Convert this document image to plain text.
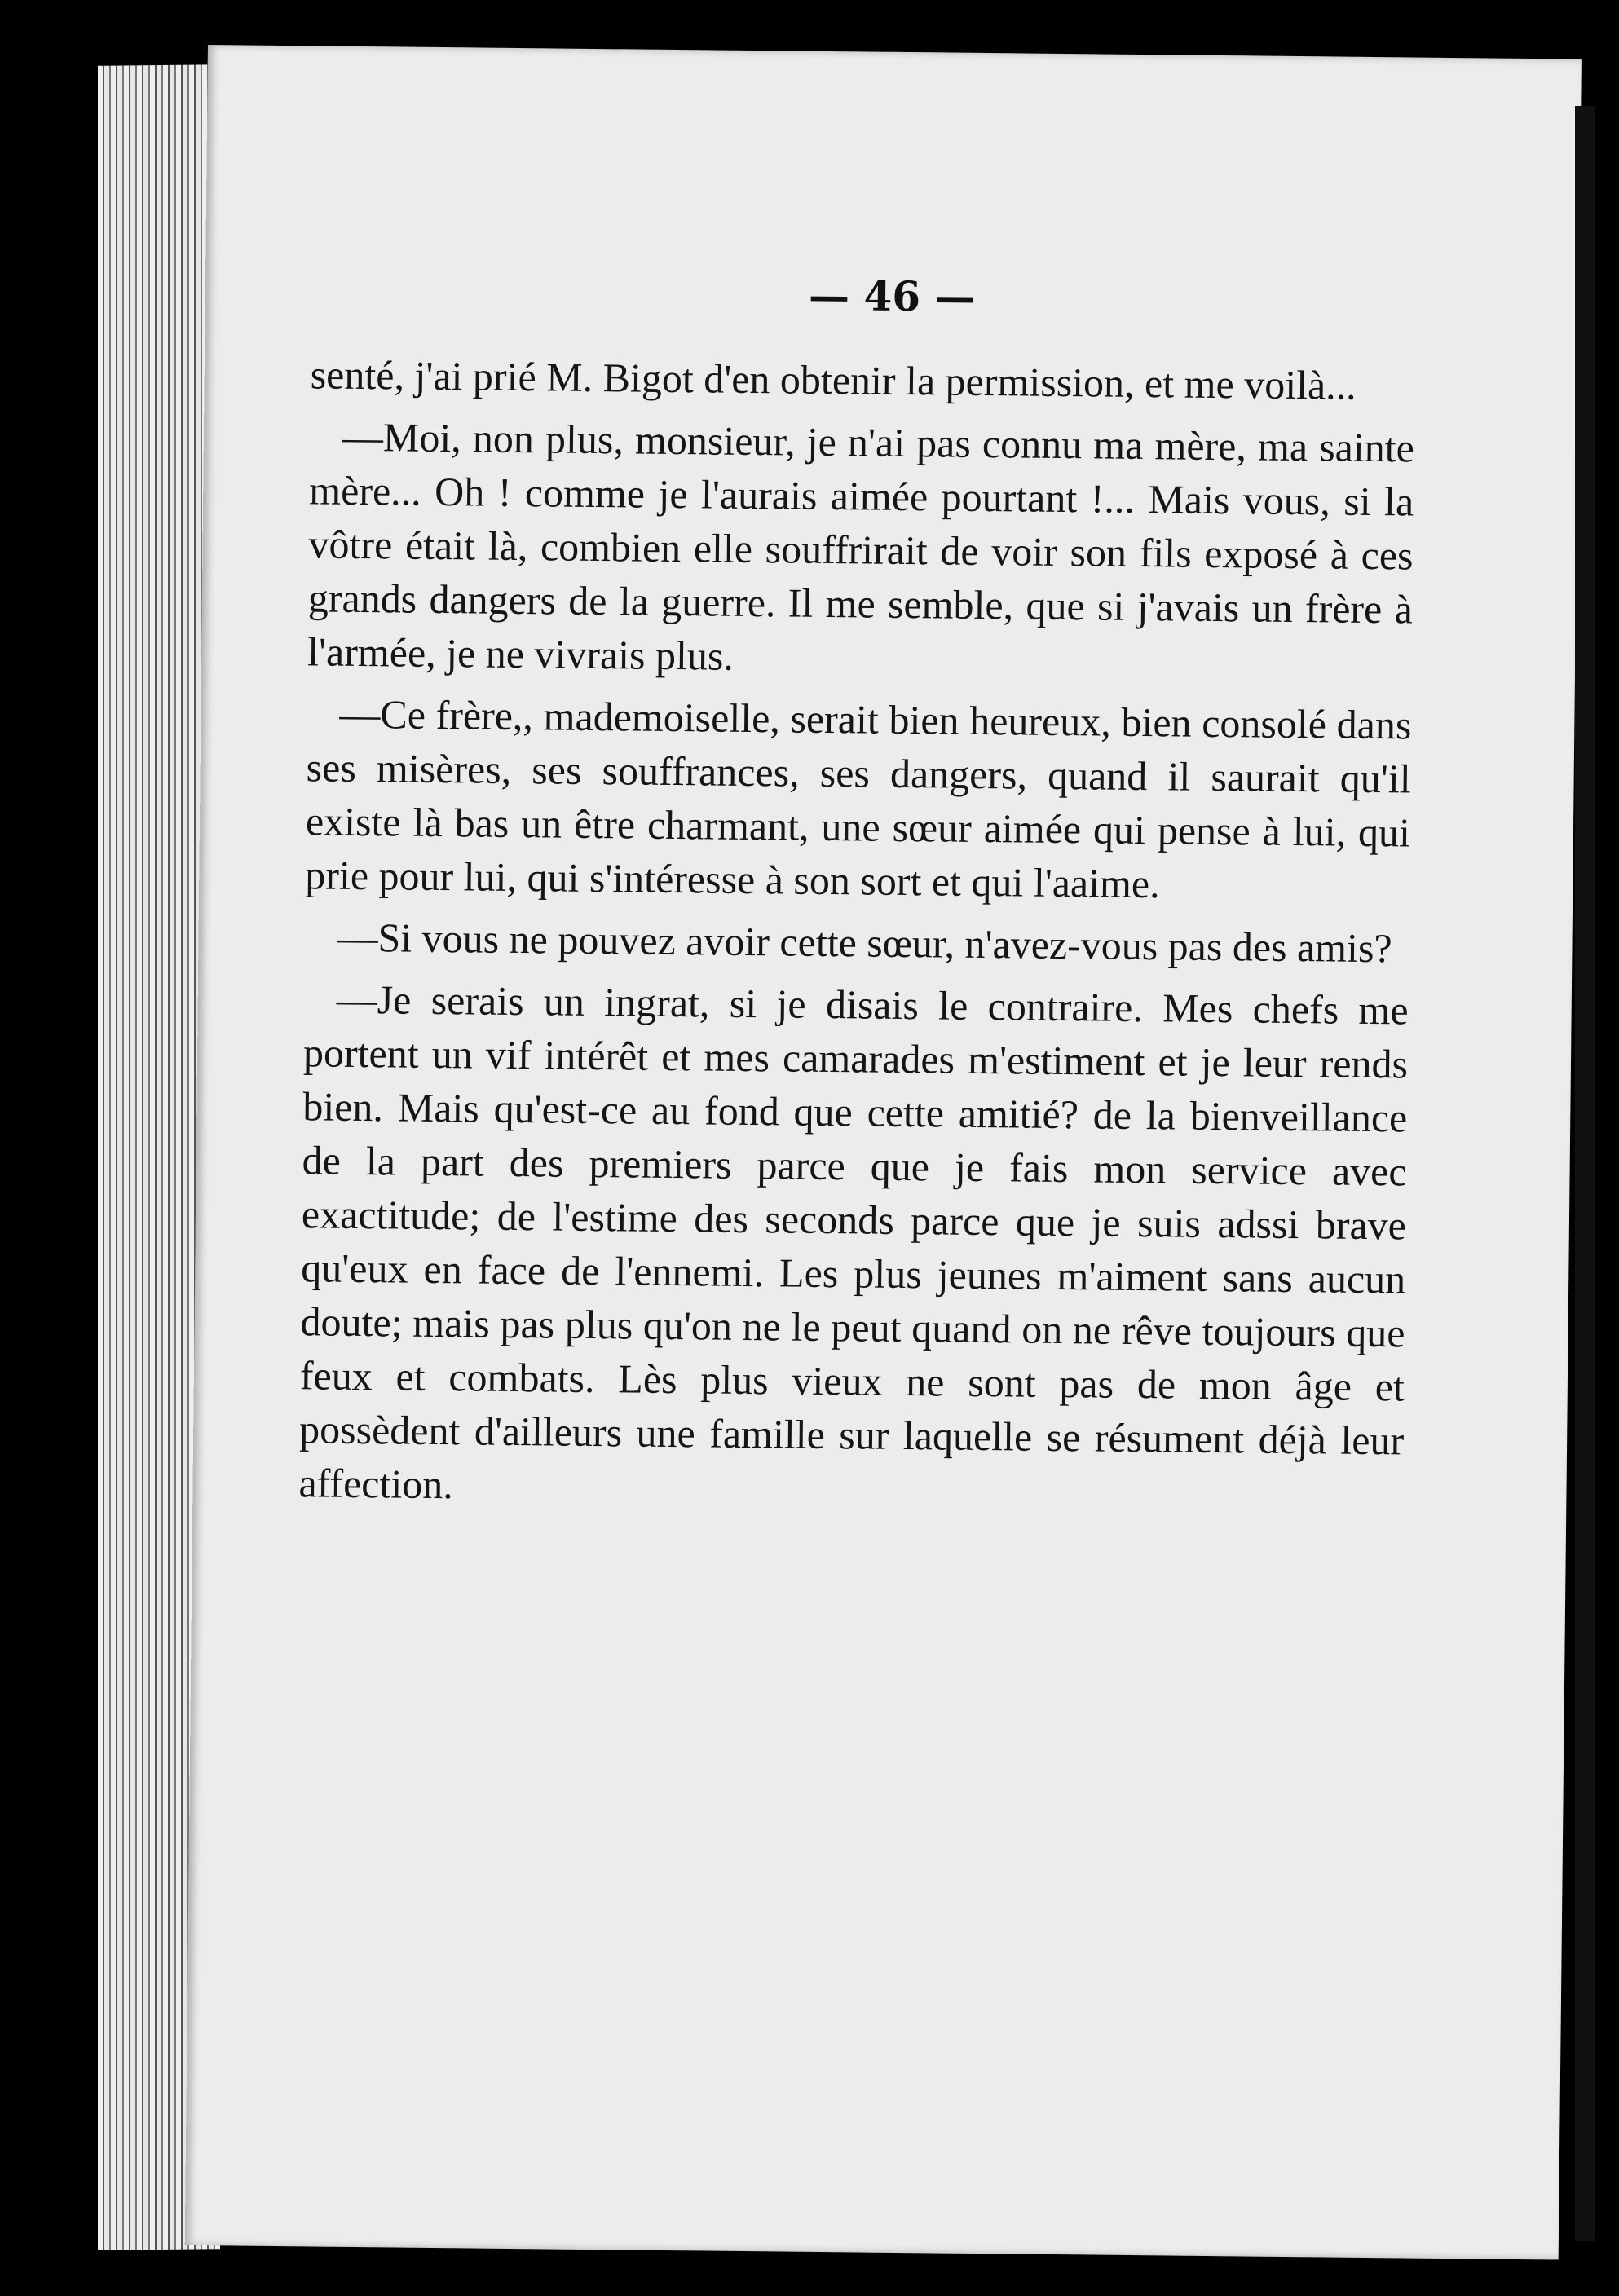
— 46 —

senté, j'ai prié M. Bigot d'en obtenir la permission, et me voilà...

—Moi, non plus, monsieur, je n'ai pas connu ma mère, ma sainte mère... Oh ! comme je l'aurais aimée pourtant !... Mais vous, si la vôtre était là, combien elle souffrirait de voir son fils exposé à ces grands dangers de la guerre. Il me semble, que si j'avais un frère à l'armée, je ne vivrais plus.

—Ce frère,, mademoiselle, serait bien heureux, bien consolé dans ses misères, ses souffrances, ses dangers, quand il saurait qu'il existe là bas un être charmant, une sœur aimée qui pense à lui, qui prie pour lui, qui s'intéresse à son sort et qui l'aaime.

—Si vous ne pouvez avoir cette sœur, n'avez-vous pas des amis?

—Je serais un ingrat, si je disais le contraire. Mes chefs me portent un vif intérêt et mes camarades m'estiment et je leur rends bien. Mais qu'est-ce au fond que cette amitié? de la bienveillance de la part des premiers parce que je fais mon service avec exactitude; de l'estime des seconds parce que je suis adssi brave qu'eux en face de l'ennemi. Les plus jeunes m'aiment sans aucun doute; mais pas plus qu'on ne le peut quand on ne rêve toujours que feux et combats. Lès plus vieux ne sont pas de mon âge et possèdent d'ailleurs une famille sur laquelle se résument déjà leur affection.
